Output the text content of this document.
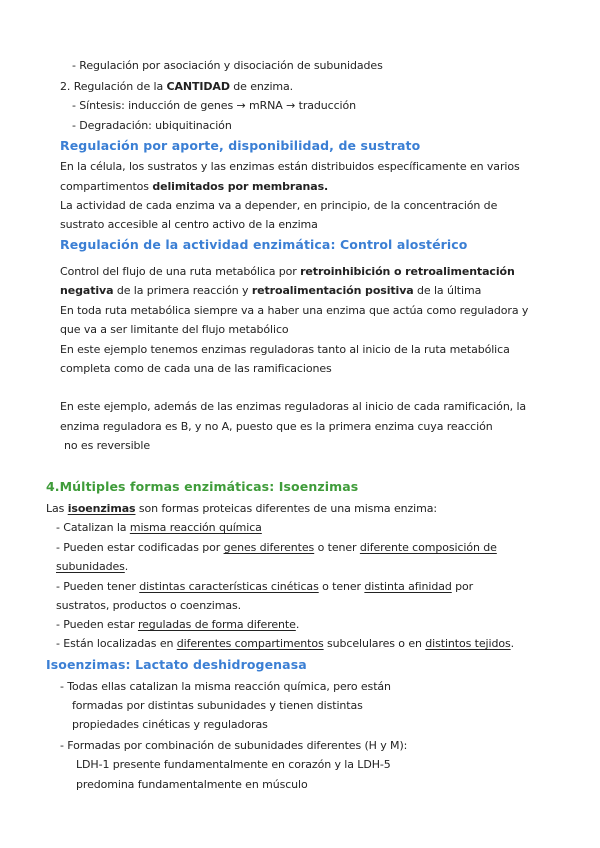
- Regulación por asociación y disociación de subunidades
2. Regulación de la CANTIDAD de enzima.
- Síntesis: inducción de genes → mRNA → traducción
- Degradación: ubiquitinación
Regulación por aporte, disponibilidad, de sustrato
En la célula, los sustratos y las enzimas están distribuidos específicamente en varios
compartimentos delimitados por membranas.
La actividad de cada enzima va a depender, en principio, de la concentración de
sustrato accesible al centro activo de la enzima
Regulación de la actividad enzimática: Control alostérico
Control del flujo de una ruta metabólica por retroinhibición o retroalimentación
negativa de la primera reacción y retroalimentación positiva de la última
En toda ruta metabólica siempre va a haber una enzima que actúa como reguladora y
que va a ser limitante del flujo metabólico
En este ejemplo tenemos enzimas reguladoras tanto al inicio de la ruta metabólica
completa como de cada una de las ramificaciones
En este ejemplo, además de las enzimas reguladoras al inicio de cada ramificación, la
enzima reguladora es B, y no A, puesto que es la primera enzima cuya reacción
no es reversible
4.Múltiples formas enzimáticas: Isoenzimas
Las isoenzimas son formas proteicas diferentes de una misma enzima:
- Catalizan la misma reacción química
- Pueden estar codificadas por genes diferentes o tener diferente composición de
subunidades.
- Pueden tener distintas características cinéticas o tener distinta afinidad por
sustratos, productos o coenzimas.
- Pueden estar reguladas de forma diferente.
- Están localizadas en diferentes compartimentos subcelulares o en distintos tejidos.
Isoenzimas: Lactato deshidrogenasa
- Todas ellas catalizan la misma reacción química, pero están
formadas por distintas subunidades y tienen distintas
propiedades cinéticas y reguladoras
- Formadas por combinación de subunidades diferentes (H y M):
LDH-1 presente fundamentalmente en corazón y la LDH-5
predomina fundamentalmente en músculo
